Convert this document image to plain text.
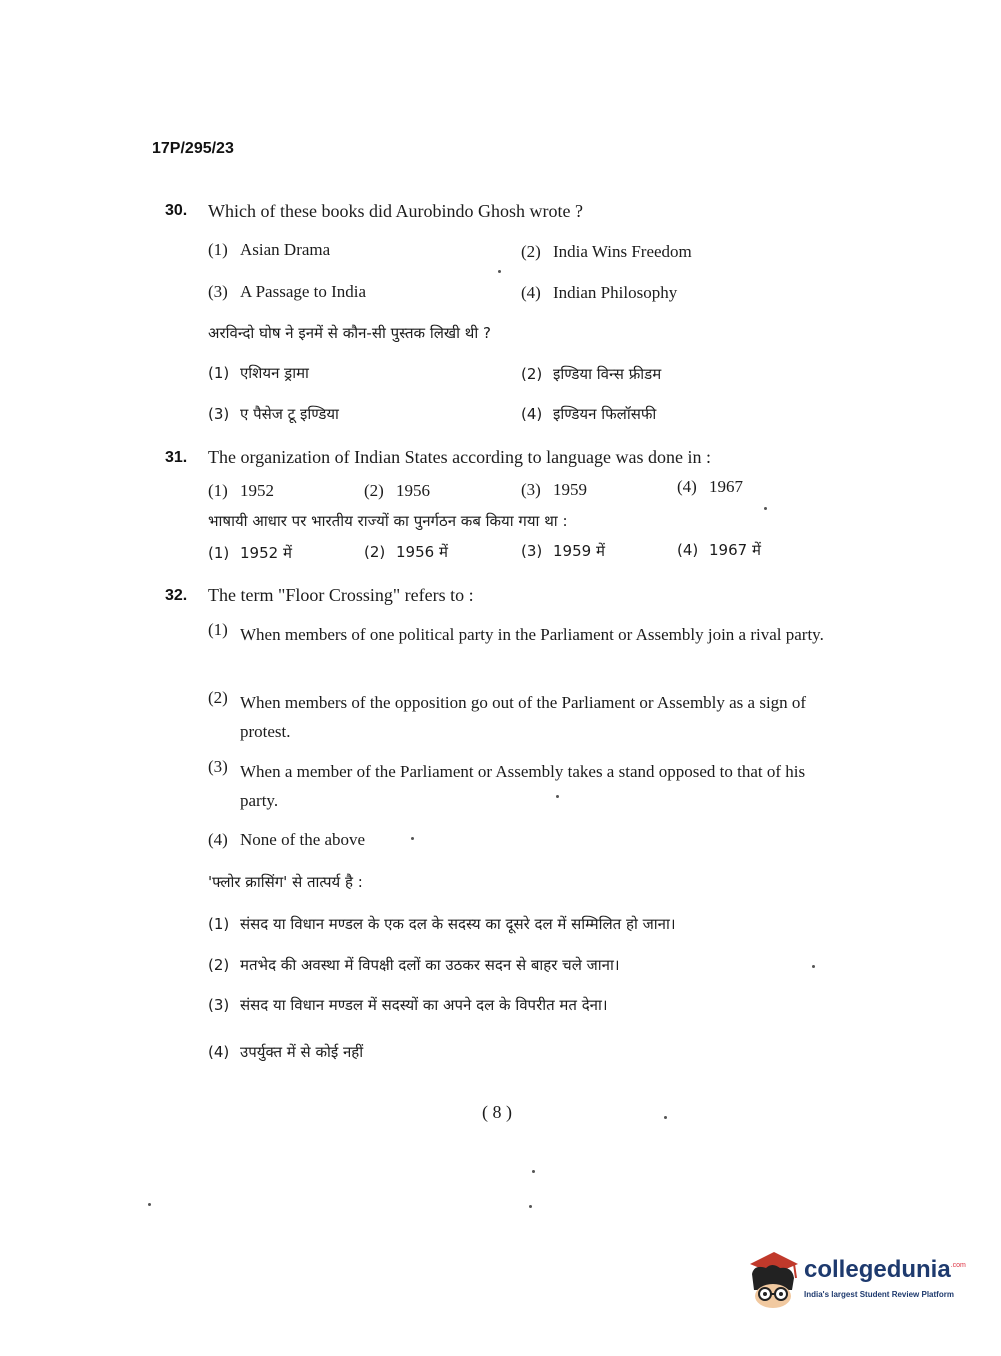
17P/295/23
30. Which of these books did Aurobindo Ghosh wrote ?
(1) Asian Drama	(2) India Wins Freedom
(3) A Passage to India	(4) Indian Philosophy
अरविन्दो घोष ने इनमें से कौन-सी पुस्तक लिखी थी ?
(1) एशियन ड्रामा	(2) इण्डिया विन्स फ्रीडम
(3) ए पैसेज टू इण्डिया	(4) इण्डियन फिलॉसफी
31. The organization of Indian States according to language was done in :
(1) 1952	(2) 1956	(3) 1959	(4) 1967
भाषायी आधार पर भारतीय राज्यों का पुनर्गठन कब किया गया था :
(1) 1952 में	(2) 1956 में	(3) 1959 में	(4) 1967 में
32. The term "Floor Crossing" refers to :
(1)	When members of one political party in the Parliament or Assembly join a rival party.
(2)	When members of the opposition go out of the Parliament or Assembly as a sign of protest.
(3)	When a member of the Parliament or Assembly takes a stand opposed to that of his party.
(4) None of the above
'फ्लोर क्रासिंग' से तात्पर्य है :
(1) संसद या विधान मण्डल के एक दल के सदस्य का दूसरे दल में सम्मिलित हो जाना।
(2) मतभेद की अवस्था में विपक्षी दलों का उठकर सदन से बाहर चले जाना।
(3) संसद या विधान मण्डल में सदस्यों का अपने दल के विपरीत मत देना।
(4) उपर्युक्त में से कोई नहीं
( 8 )
collegedunia$^{.com}$
India's largest Student Review Platform
